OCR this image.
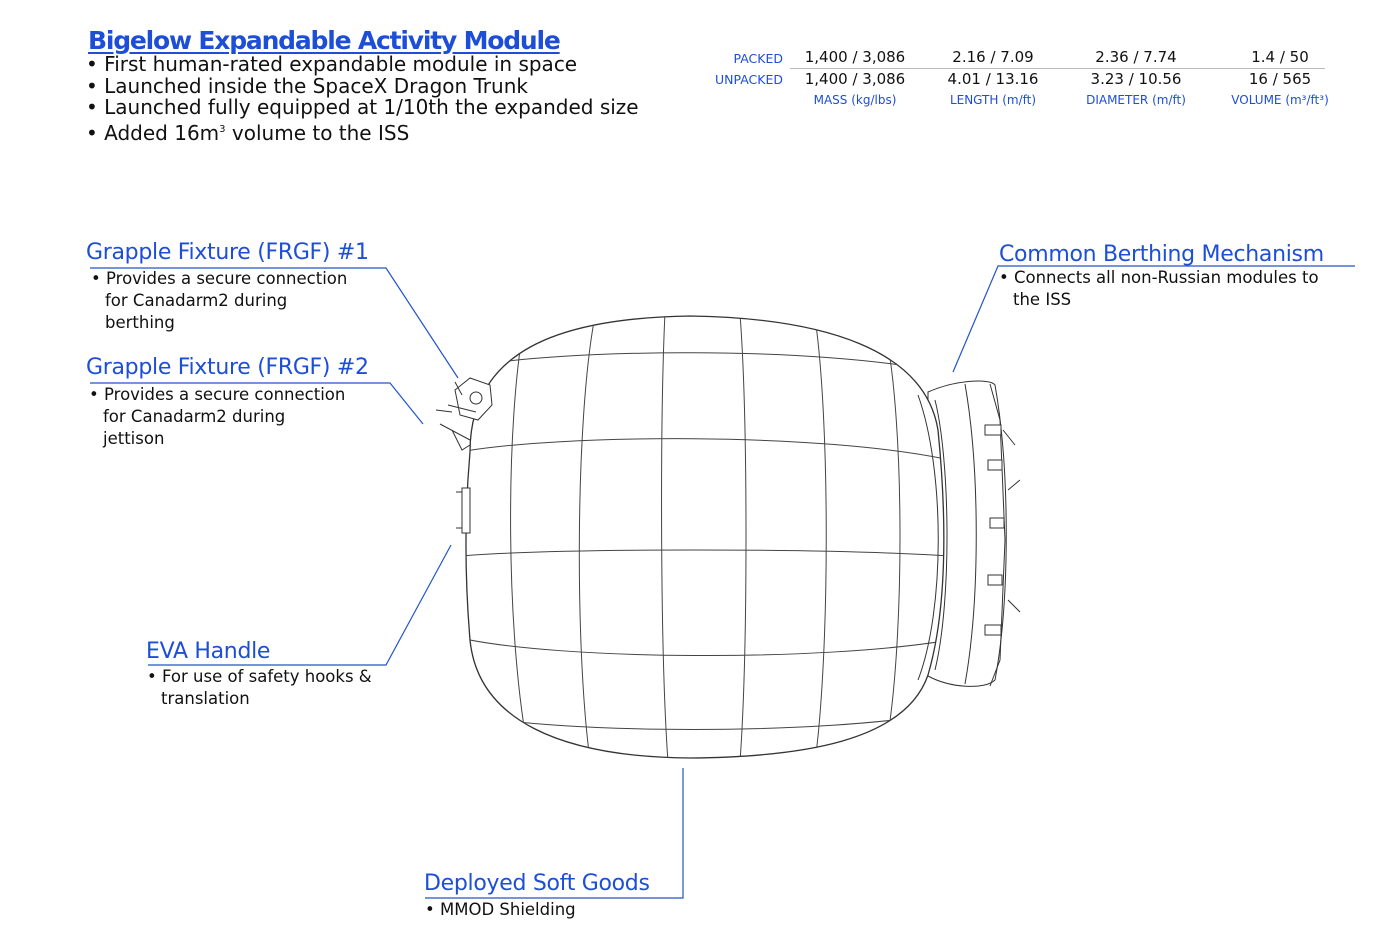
Bigelow Expandable Activity Module
• First human-rated expandable module in space
• Launched inside the SpaceX Dragon Trunk
• Launched fully equipped at 1/10th the expanded size
• Added $16m^3$ volume to the ISS
PACKED
UNPACKED
1,400 / 3,086
1,400 / 3,086
MASS (kg/lbs)
2.16 / 7.09
4.01 / 13.16
LENGTH (m/ft)
2.36 / 7.74
3.23 / 10.56
DIAMETER (m/ft)
1.4 / 50
16 / 565
VOLUME (m³/ft³)
Grapple Fixture (FRGF) #1
• Provides a secure connection
for Canadarm2 during
berthing
Grapple Fixture (FRGF) #2
• Provides a secure connection
for Canadarm2 during
jettison
Common Berthing Mechanism
• Connects all non-Russian modules to
the ISS
EVA Handle
• For use of safety hooks &
translation
Deployed Soft Goods
• MMOD Shielding
